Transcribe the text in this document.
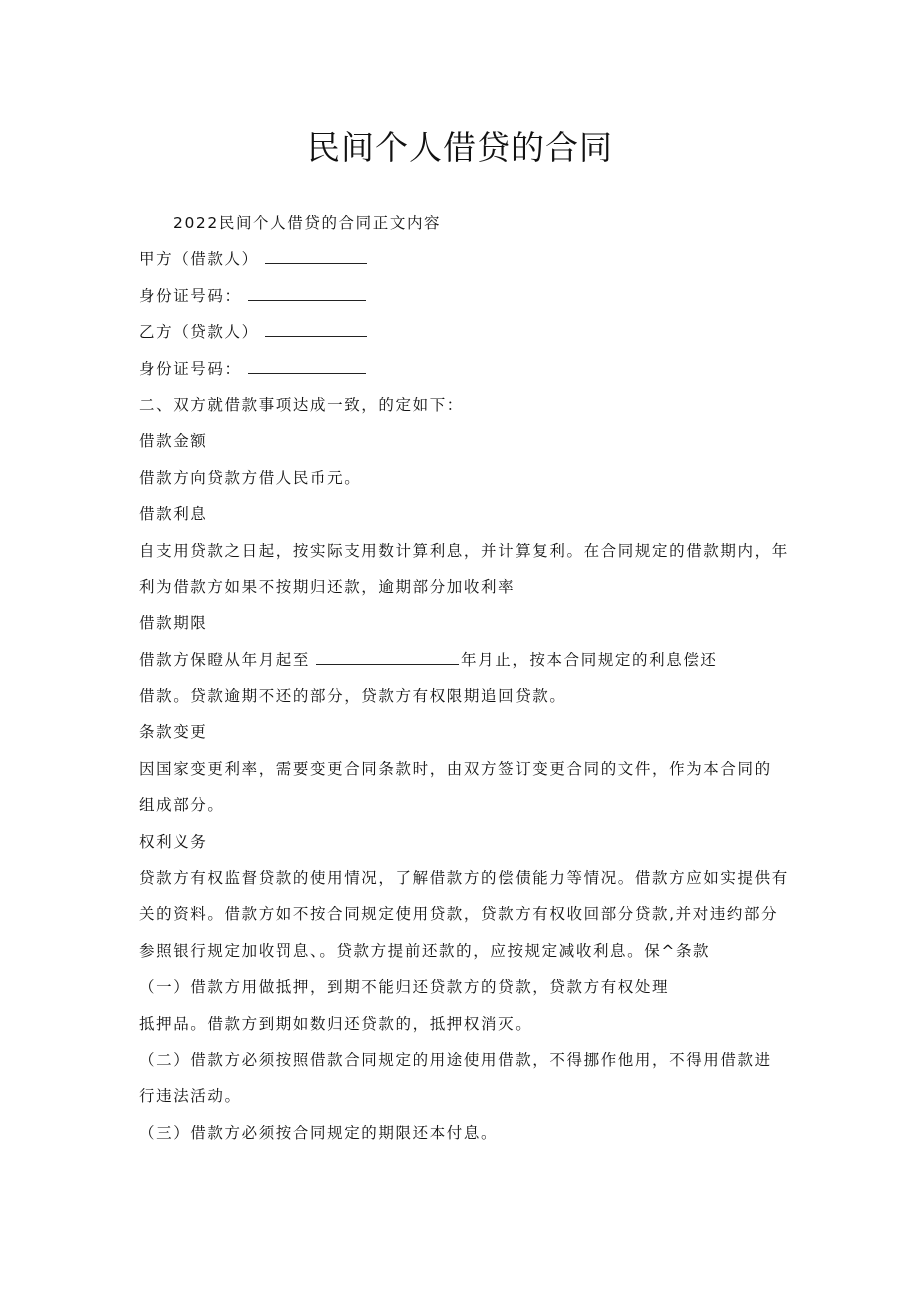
民间个人借贷的合同
2022民间个人借贷的合同正文内容
甲方（借款人）
身份证号码：
乙方（贷款人）
身份证号码：
二、双方就借款事项达成一致，的定如下：
借款金额
借款方向贷款方借人民币元。
借款利息
自支用贷款之日起，按实际支用数计算利息，并计算复利。在合同规定的借款期内，年
利为借款方如果不按期归还款，逾期部分加收利率
借款期限
借款方保瞪从年月起至	年月止，按本合同规定的利息偿还
借款。贷款逾期不还的部分，贷款方有权限期追回贷款。
条款变更
因国家变更利率，需要变更合同条款时，由双方签订变更合同的文件，作为本合同的
组成部分。
权利义务
贷款方有权监督贷款的使用情况，了解借款方的偿债能力等情况。借款方应如实提供有
关的资料。借款方如不按合同规定使用贷款，贷款方有权收回部分贷款,并对违约部分
参照银行规定加收罚息、。贷款方提前还款的，应按规定减收利息。保^条款
（一）借款方用做抵押，到期不能归还贷款方的贷款，贷款方有权处理
抵押品。借款方到期如数归还贷款的，抵押权消灭。
（二）借款方必须按照借款合同规定的用途使用借款，不得挪作他用，不得用借款进
行违法活动。
（三）借款方必须按合同规定的期限还本付息。
